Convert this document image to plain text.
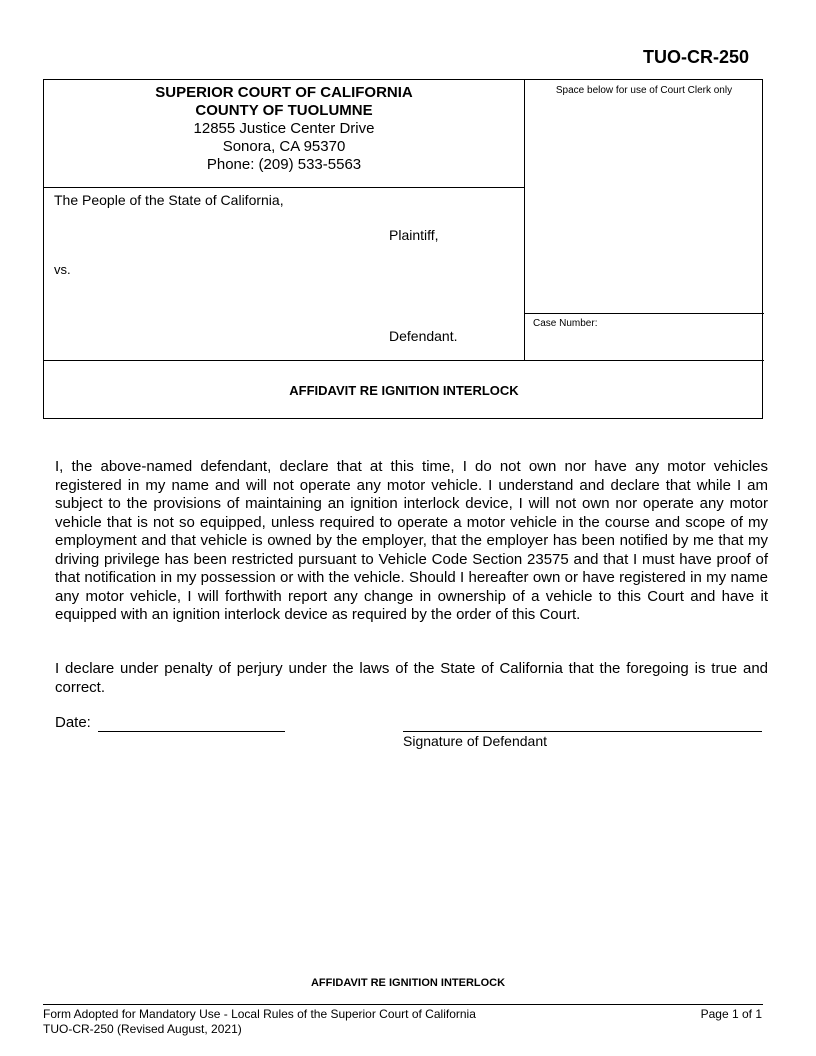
TUO-CR-250
SUPERIOR COURT OF CALIFORNIA
COUNTY OF TUOLUMNE
12855 Justice Center Drive
Sonora, CA 95370
Phone: (209) 533-5563
Space below for use of Court Clerk only
The People of the State of California,
Plaintiff,
vs.
Defendant.
Case Number:
AFFIDAVIT RE IGNITION INTERLOCK

I, the above-named defendant, declare that at this time, I do not own nor have any motor vehicles registered in my name and will not operate any motor vehicle. I understand and declare that while I am subject to the provisions of maintaining an ignition interlock device, I will not own nor operate any motor vehicle that is not so equipped, unless required to operate a motor vehicle in the course and scope of my employment and that vehicle is owned by the employer, that the employer has been notified by me that my driving privilege has been restricted pursuant to Vehicle Code Section 23575 and that I must have proof of that notification in my possession or with the vehicle. Should I hereafter own or have registered in my name any motor vehicle, I will forthwith report any change in ownership of a vehicle to this Court and have it equipped with an ignition interlock device as required by the order of this Court.

I declare under penalty of perjury under the laws of the State of California that the foregoing is true and correct.

Date:
Signature of Defendant
AFFIDAVIT RE IGNITION INTERLOCK
Form Adopted for Mandatory Use - Local Rules of the Superior Court of California
TUO-CR-250 (Revised August, 2021)
Page 1 of 1
